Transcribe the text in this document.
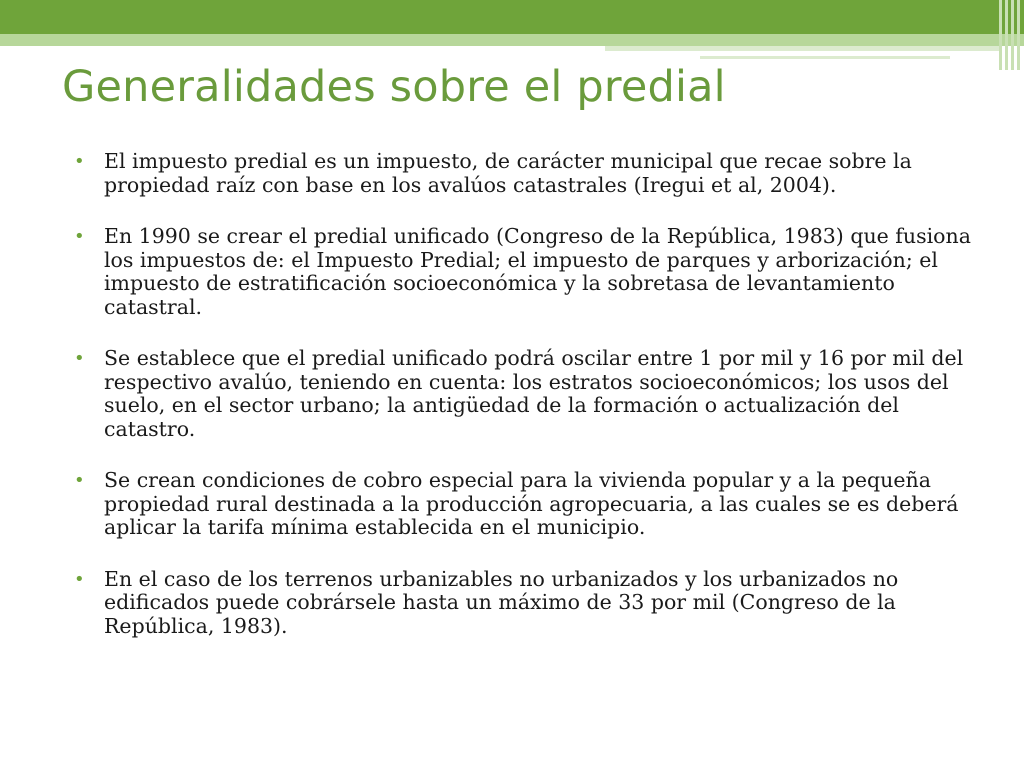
Generalidades sobre el predial
• El impuesto predial es un impuesto, de carácter municipal que recae sobre la propiedad raíz con base en los avalúos catastrales (Iregui et al, 2004).
• En 1990 se crear el predial unificado (Congreso de la República, 1983) que fusiona los impuestos de: el Impuesto Predial; el impuesto de parques y arborización; el impuesto de estratificación socioeconómica y la sobretasa de levantamiento catastral.
• Se establece que el predial unificado podrá oscilar entre 1 por mil y 16 por mil del respectivo avalúo, teniendo en cuenta: los estratos socioeconómicos; los usos del suelo, en el sector urbano; la antigüedad de la formación o actualización del catastro.
• Se crean condiciones de cobro especial para la vivienda popular y a la pequeña propiedad rural destinada a la producción agropecuaria, a las cuales se es deberá aplicar la tarifa mínima establecida en el municipio.
• En el caso de los terrenos urbanizables no urbanizados y los urbanizados no edificados puede cobrársele hasta un máximo de 33 por mil (Congreso de la República, 1983).
